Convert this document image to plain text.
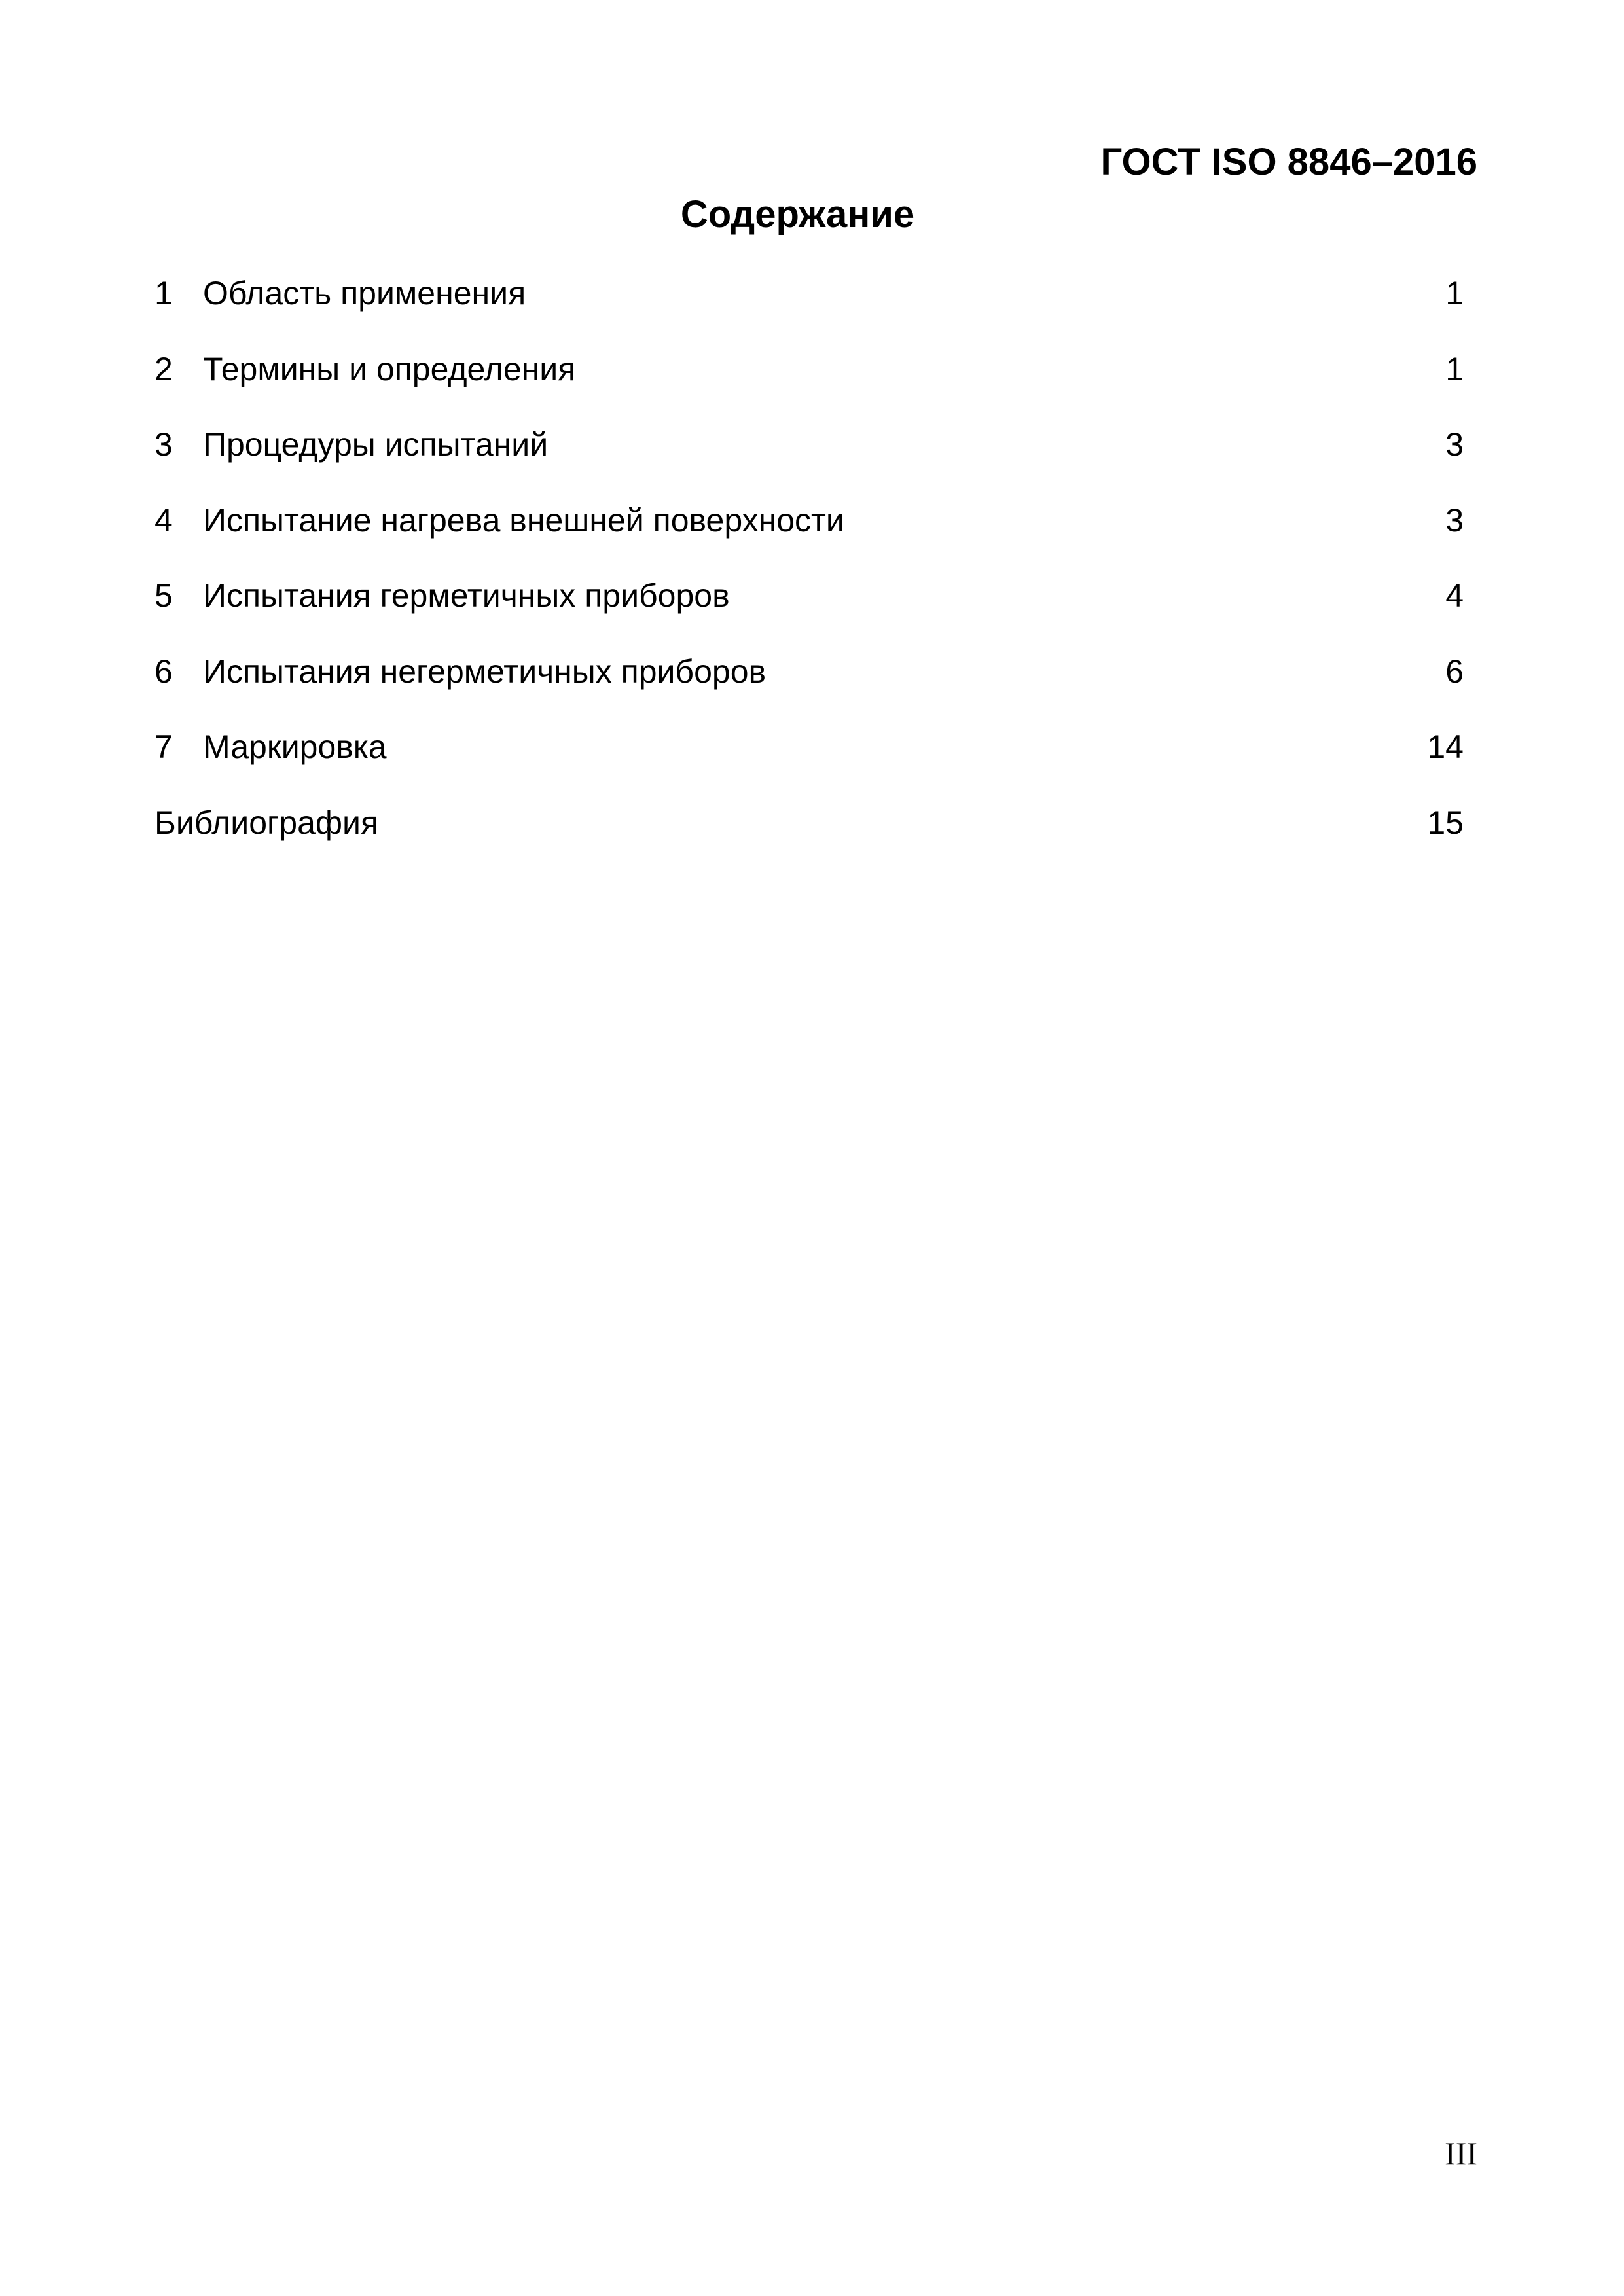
ГОСТ ISO 8846–2016
Содержание
1 Область применения	1
2 Термины и определения	1
3 Процедуры испытаний	3
4 Испытание нагрева внешней поверхности	3
5 Испытания герметичных приборов	4
6 Испытания негерметичных приборов	6
7 Маркировка	14
Библиография	15
III
